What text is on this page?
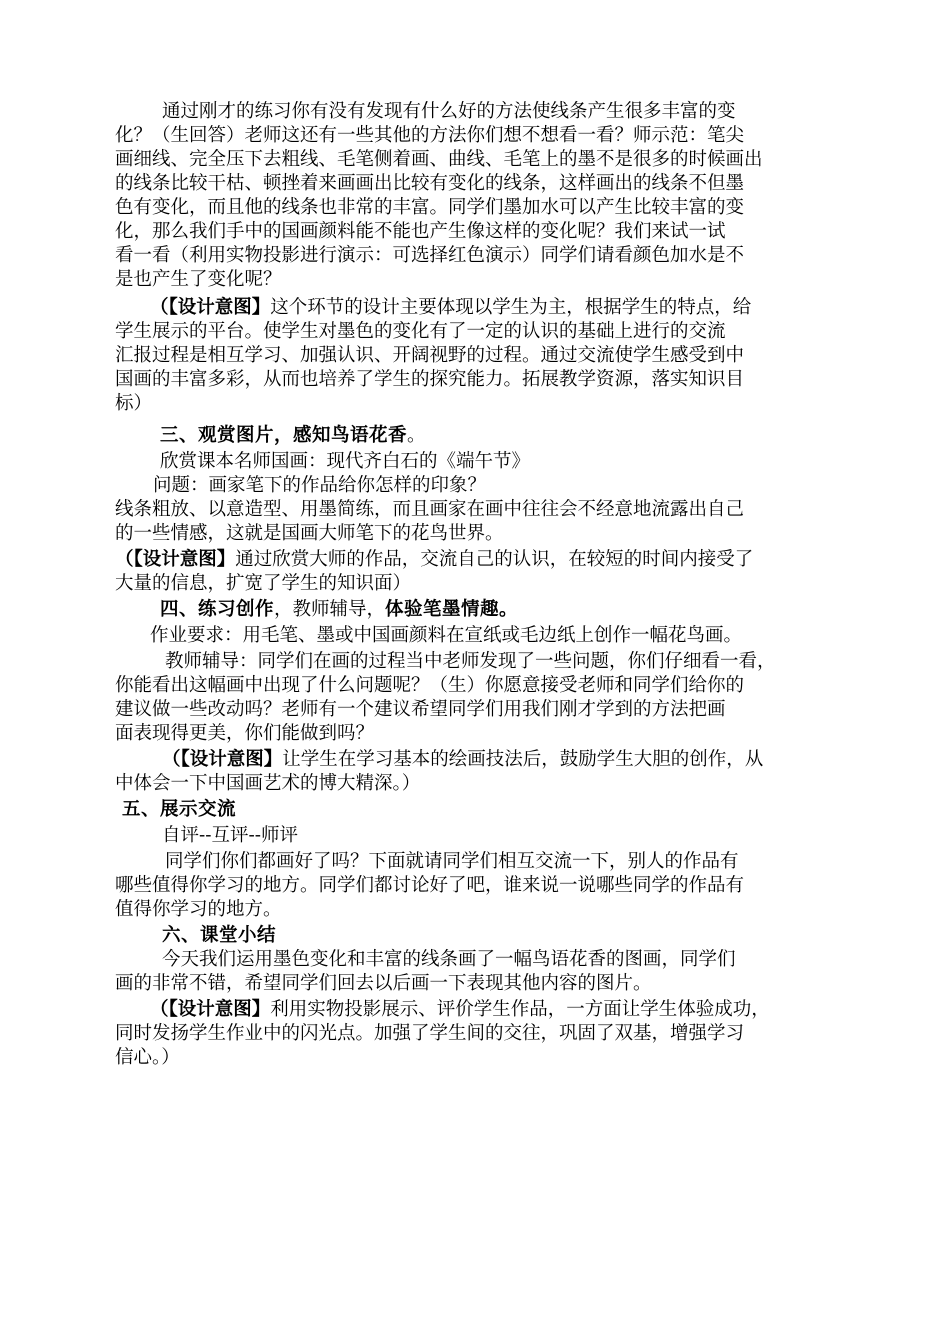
通过刚才的练习你有没有发现有什么好的方法使线条产生很多丰富的变

化？（生回答）老师这还有一些其他的方法你们想不想看一看？师示范：笔尖

画细线、完全压下去粗线、毛笔侧着画、曲线、毛笔上的墨不是很多的时候画出

的线条比较干枯、顿挫着来画画出比较有变化的线条，这样画出的线条不但墨

色有变化，而且他的线条也非常的丰富。同学们墨加水可以产生比较丰富的变

化，那么我们手中的国画颜料能不能也产生像这样的变化呢？我们来试一试

看一看（利用实物投影进行演示：可选择红色演示）同学们请看颜色加水是不

是也产生了变化呢？

（【设计意图】这个环节的设计主要体现以学生为主，根据学生的特点，给

学生展示的平台。使学生对墨色的变化有了一定的认识的基础上进行的交流

汇报过程是相互学习、加强认识、开阔视野的过程。通过交流使学生感受到中

国画的丰富多彩，从而也培养了学生的探究能力。拓展教学资源，落实知识目

标）

三、观赏图片，感知鸟语花香。

欣赏课本名师国画：现代齐白石的《端午节》

问题：画家笔下的作品给你怎样的印象？

线条粗放、以意造型、用墨简练，而且画家在画中往往会不经意地流露出自己

的一些情感，这就是国画大师笔下的花鸟世界。

（【设计意图】通过欣赏大师的作品，交流自己的认识，在较短的时间内接受了

大量的信息，扩宽了学生的知识面）

四、练习创作，教师辅导，体验笔墨情趣。

作业要求：用毛笔、墨或中国画颜料在宣纸或毛边纸上创作一幅花鸟画。

教师辅导：同学们在画的过程当中老师发现了一些问题，你们仔细看一看，

你能看出这幅画中出现了什么问题呢？（生）你愿意接受老师和同学们给你的

建议做一些改动吗？老师有一个建议希望同学们用我们刚才学到的方法把画

面表现得更美，你们能做到吗？

（【设计意图】让学生在学习基本的绘画技法后，鼓励学生大胆的创作，从

中体会一下中国画艺术的博大精深。）

五、展示交流

自评--互评--师评

同学们你们都画好了吗？下面就请同学们相互交流一下，别人的作品有

哪些值得你学习的地方。同学们都讨论好了吧，谁来说一说哪些同学的作品有

值得你学习的地方。

六、课堂小结

今天我们运用墨色变化和丰富的线条画了一幅鸟语花香的图画，同学们

画的非常不错，希望同学们回去以后画一下表现其他内容的图片。

（【设计意图】利用实物投影展示、评价学生作品，一方面让学生体验成功，

同时发扬学生作业中的闪光点。加强了学生间的交往，巩固了双基，增强学习

信心。）
